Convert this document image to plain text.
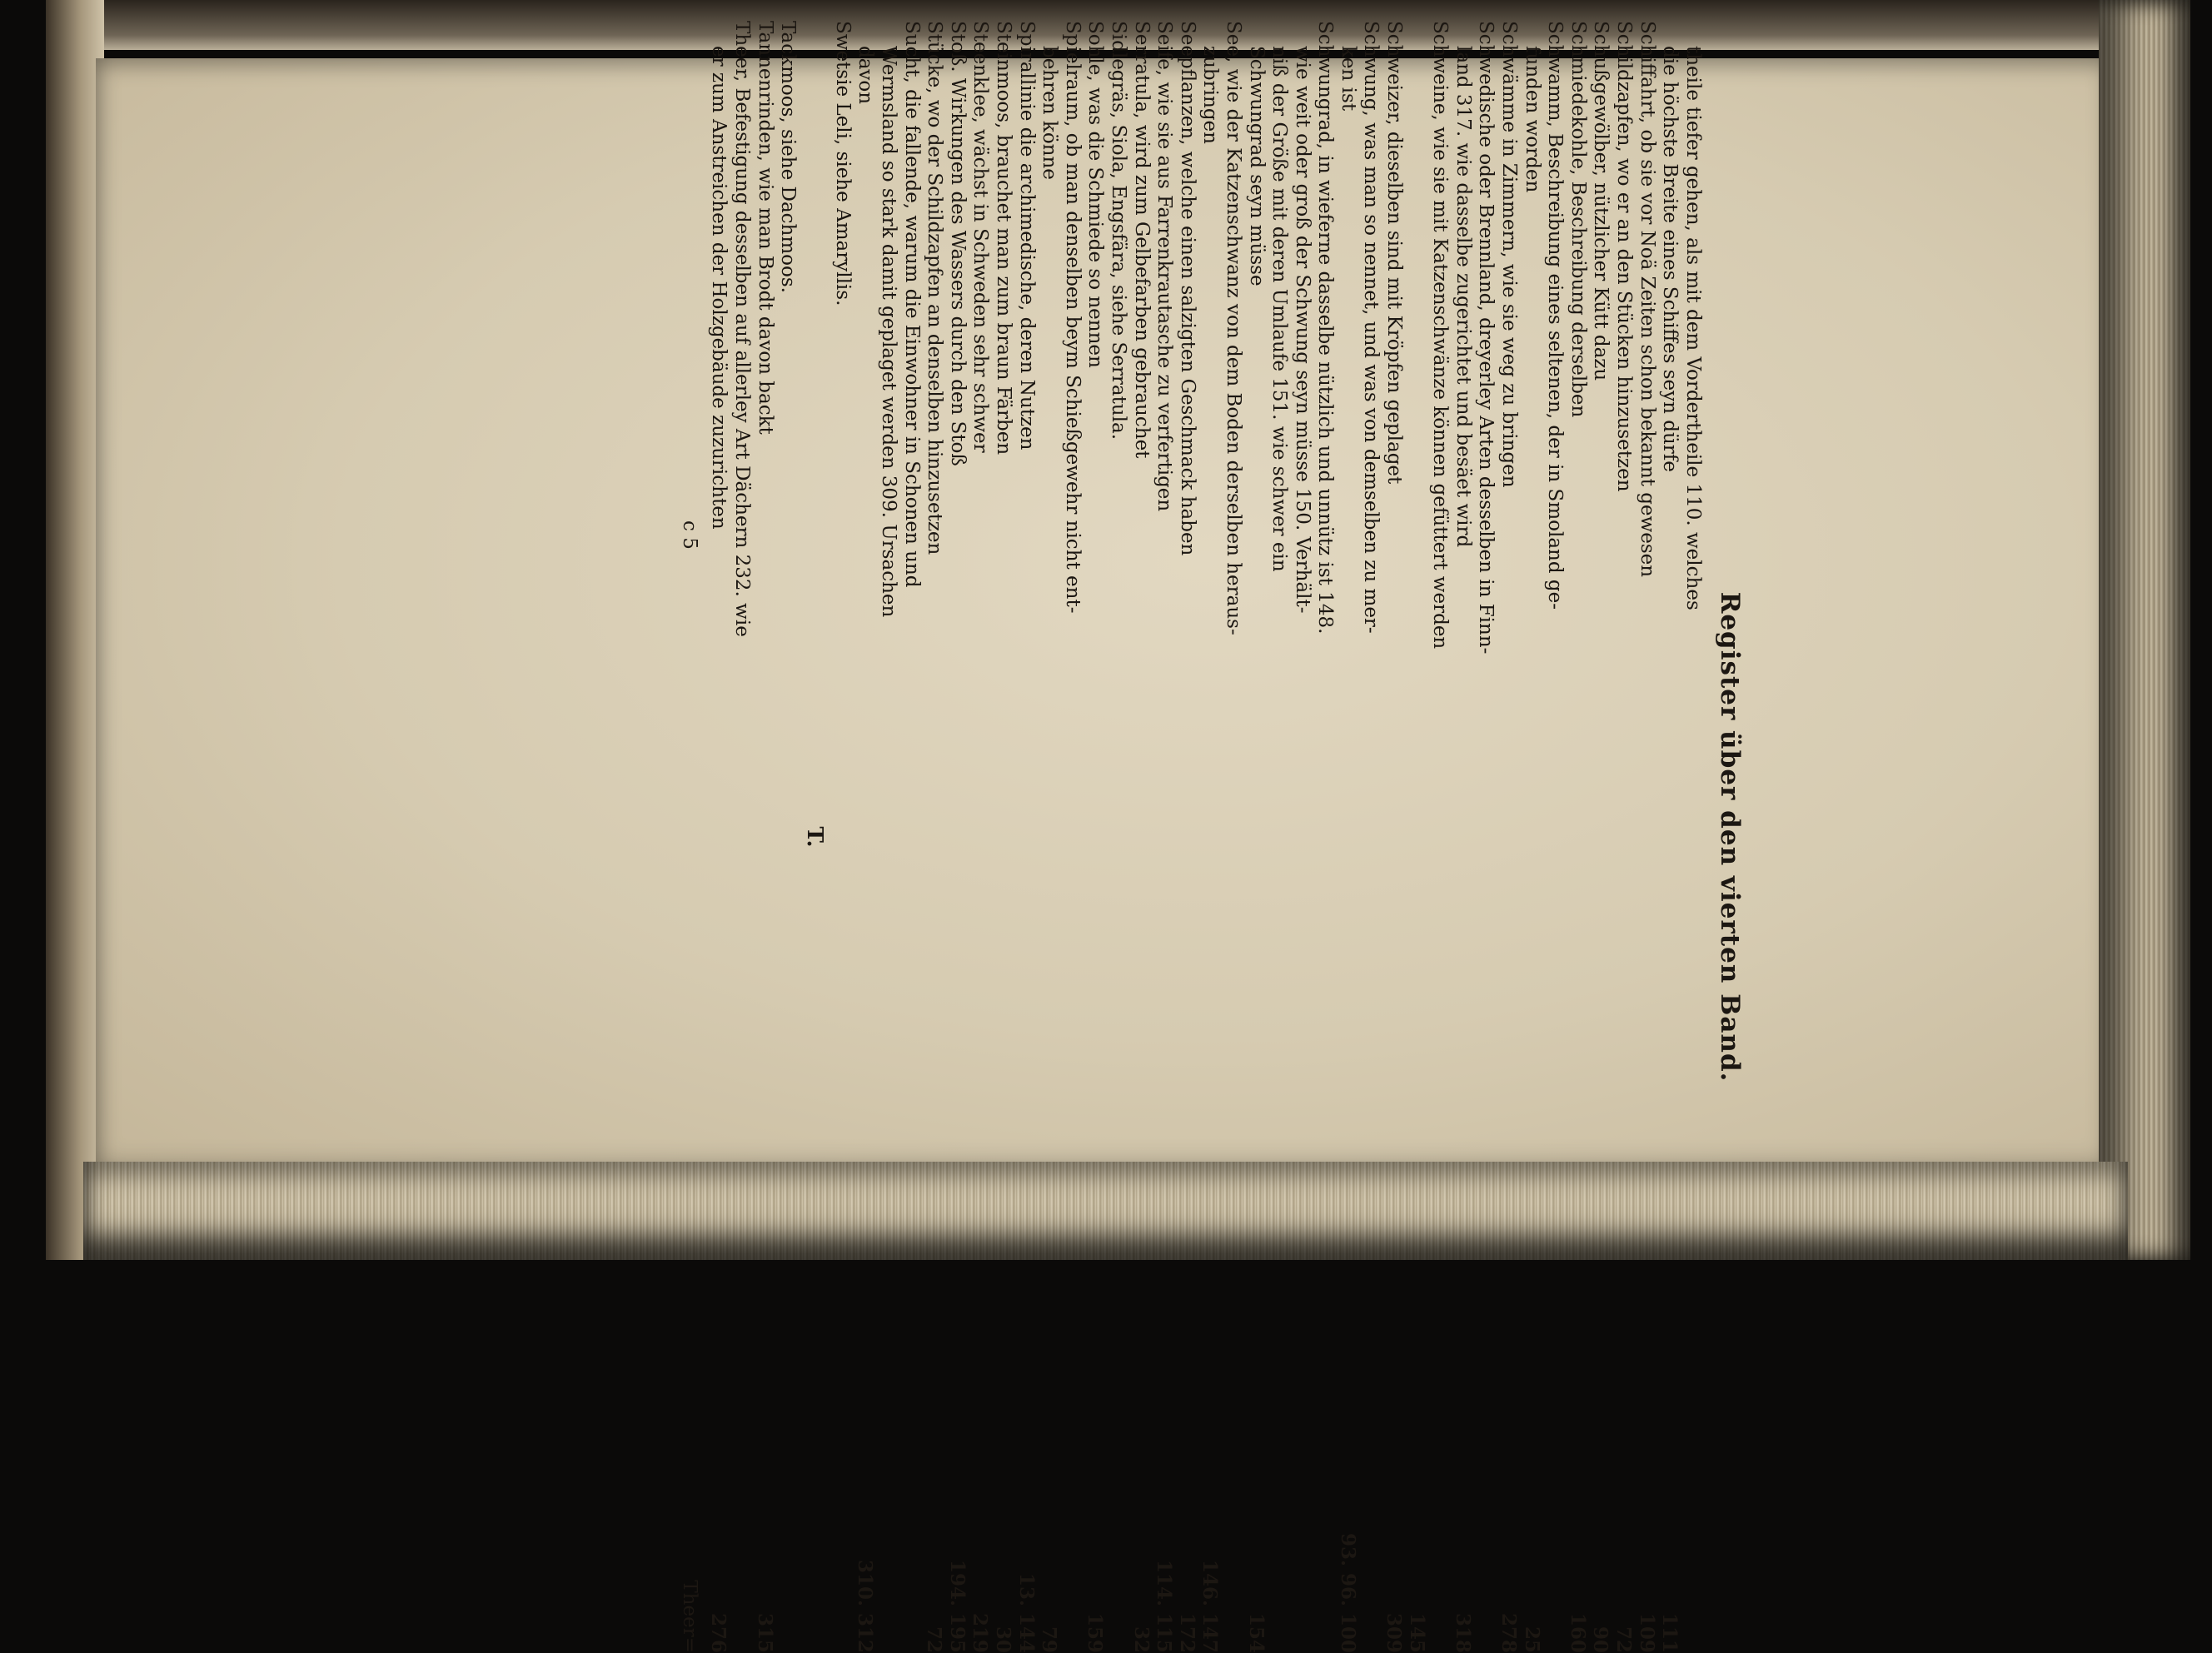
Register über den vierten Band.
theile tiefer gehen, als mit dem Vordertheile 110. welches
die höchste Breite eines Schiffes seyn dürfe
111
Schiffahrt, ob sie vor Noä Zeiten schon bekannt gewesen
109
Schildzapfen, wo er an den Stücken hinzusetzen
72
Schußgewölber, nützlicher Kütt dazu
90
Schmiedekohle, Beschreibung derselben
160
Schwamm, Beschreibung eines seltenen, der in Smoland ge-
funden worden
25
Schwämme in Zimmern, wie sie weg zu bringen
278
Schwedische oder Brennland, dreyerley Arten desselben in Finn-
land 317. wie dasselbe zugerichtet und besäet wird
318
Schweine, wie sie mit Katzenschwänze können gefüttert werden
145
Schweizer, dieselben sind mit Kröpfen geplaget
309
Schwung, was man so nennet, und was von demselben zu mer-
ken ist
93. 96. 100
Schwungrad, in wieferne dasselbe nützlich und unnütz ist 148.
wie weit oder groß der Schwung seyn müsse 150. Verhält-
niß der Größe mit deren Umlaufe 151. wie schwer ein
Schwungrad seyn müsse
154
See, wie der Katzenschwanz von dem Boden derselben heraus-
zubringen
146. 147
Seepflanzen, welche einen salzigten Geschmack haben
172
Seife, wie sie aus Farrenkrautasche zu verfertigen
114. 115
Serratula, wird zum Gelbefarben gebrauchet
32
Sidlegräs, Siola, Engsfära, siehe Serratula.
Sohle, was die Schmiede so nennen
159
Spielraum, ob man denselben beym Schießgewehr nicht ent-
behren könne
79
Spirallinie die archimedische, deren Nutzen
13. 144
Steinmoos, brauchet man zum braun Färben
30
Steenklee, wächst in Schweden sehr schwer
219
Stoß. Wirkungen des Wassers durch den Stoß
194. 195
Stücke, wo der Schildzapfen an denselben hinzusetzen
72
Sucht, die fallende, warum die Einwohner in Schonen und
Wermsland so stark damit geplaget werden 309. Ursachen
davon
310. 312
Swetsie Leli, siehe Amaryllis.
T.
Tackmoos, siehe Dachmoos.
Tannenrinden, wie man Brodt davon backt
315
Theer, Befestigung desselben auf allerley Art Dächern 232. wie
er zum Anstreichen der Holzgebäude zuzurichten
276
c 5
Theer=
